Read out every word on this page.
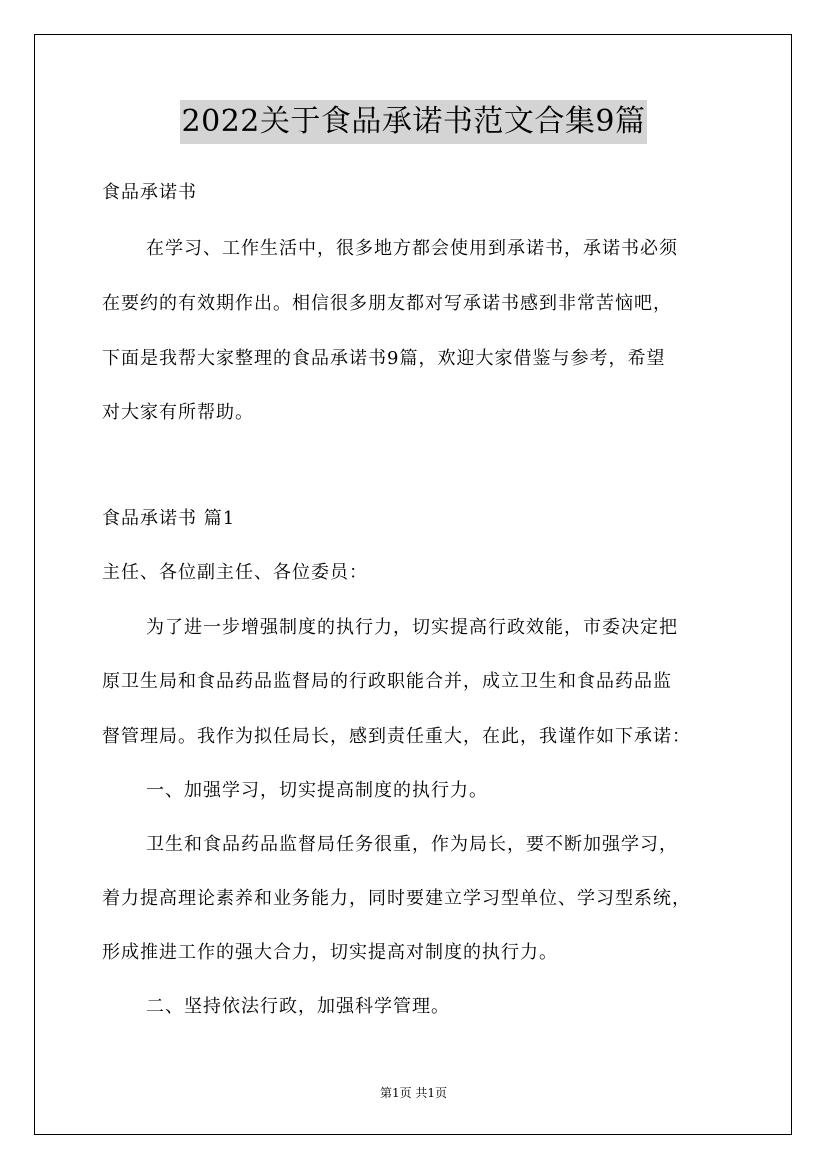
2022关于食品承诺书范文合集9篇
食品承诺书
在学习、工作生活中，很多地方都会使用到承诺书，承诺书必须
在要约的有效期作出。相信很多朋友都对写承诺书感到非常苦恼吧，
下面是我帮大家整理的食品承诺书9篇，欢迎大家借鉴与参考，希望
对大家有所帮助。
食品承诺书 篇1
主任、各位副主任、各位委员：
为了进一步增强制度的执行力，切实提高行政效能，市委决定把
原卫生局和食品药品监督局的行政职能合并，成立卫生和食品药品监
督管理局。我作为拟任局长，感到责任重大，在此，我谨作如下承诺：
一、加强学习，切实提高制度的执行力。
卫生和食品药品监督局任务很重，作为局长，要不断加强学习，
着力提高理论素养和业务能力，同时要建立学习型单位、学习型系统，
形成推进工作的强大合力，切实提高对制度的执行力。
二、坚持依法行政，加强科学管理。
第1页 共1页
